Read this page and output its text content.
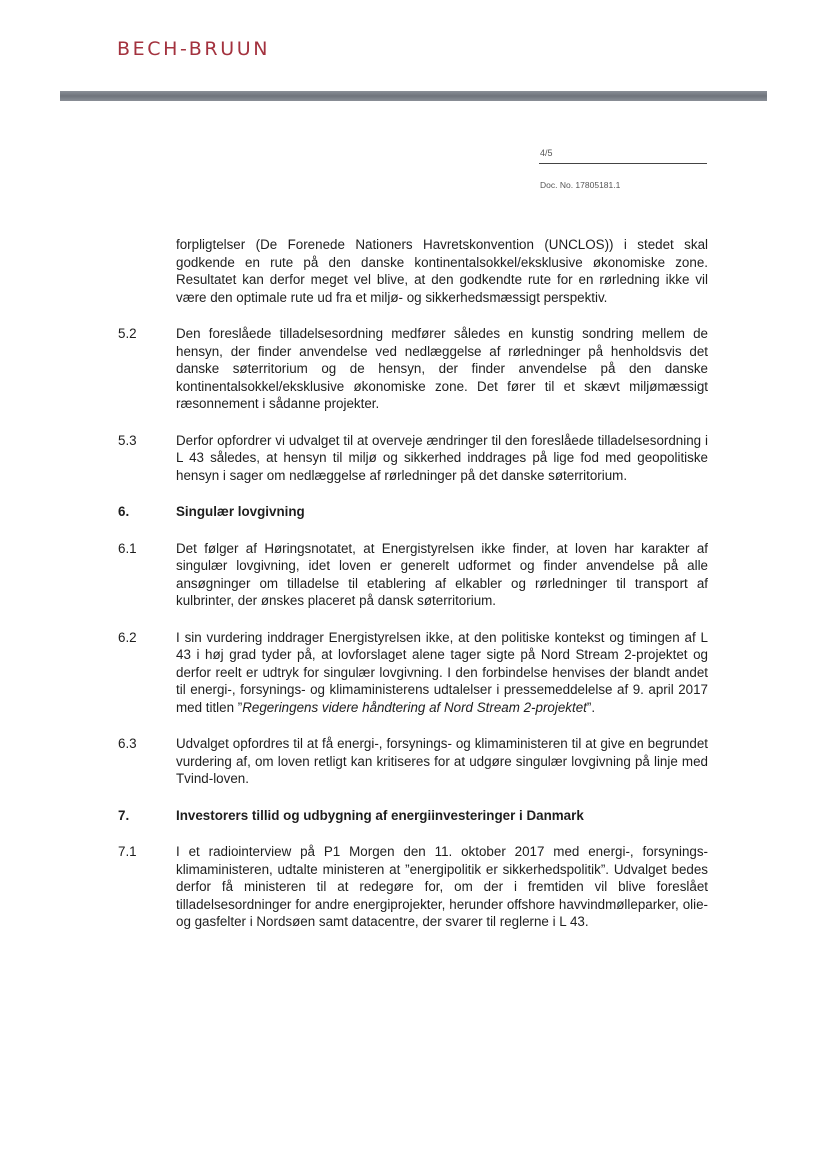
BECH-BRUUN
4/5
Doc. No. 17805181.1
forpligtelser (De Forenede Nationers Havretskonvention (UNCLOS)) i stedet skal godkende en rute på den danske kontinentalsokkel/eksklusive økonomiske zone. Resultatet kan derfor meget vel blive, at den godkendte rute for en rørledning ikke vil være den optimale rute ud fra et miljø- og sikkerhedsmæssigt perspektiv.
5.2	Den foreslåede tilladelsesordning medfører således en kunstig sondring mellem de hensyn, der finder anvendelse ved nedlæggelse af rørledninger på henholdsvis det danske søterritorium og de hensyn, der finder anvendelse på den danske kontinentalsokkel/eksklusive økonomiske zone. Det fører til et skævt miljømæssigt ræsonnement i sådanne projekter.
5.3	Derfor opfordrer vi udvalget til at overveje ændringer til den foreslåede tilladelsesordning i L 43 således, at hensyn til miljø og sikkerhed inddrages på lige fod med geopolitiske hensyn i sager om nedlæggelse af rørledninger på det danske søterritorium.
6.	Singulær lovgivning
6.1	Det følger af Høringsnotatet, at Energistyrelsen ikke finder, at loven har karakter af singulær lovgivning, idet loven er generelt udformet og finder anvendelse på alle ansøgninger om tilladelse til etablering af elkabler og rørledninger til transport af kulbrinter, der ønskes placeret på dansk søterritorium.
6.2	I sin vurdering inddrager Energistyrelsen ikke, at den politiske kontekst og timingen af L 43 i høj grad tyder på, at lovforslaget alene tager sigte på Nord Stream 2-projektet og derfor reelt er udtryk for singulær lovgivning. I den forbindelse henvises der blandt andet til energi-, forsynings- og klimaministerens udtalelser i pressemeddelelse af 9. april 2017 med titlen ”Regeringens videre håndtering af Nord Stream 2-projektet”.
6.3	Udvalget opfordres til at få energi-, forsynings- og klimaministeren til at give en begrundet vurdering af, om loven retligt kan kritiseres for at udgøre singulær lovgivning på linje med Tvind-loven.
7.	Investorers tillid og udbygning af energiinvesteringer i Danmark
7.1	I et radiointerview på P1 Morgen den 11. oktober 2017 med energi-, forsynings-klimaministeren, udtalte ministeren at ”energipolitik er sikkerhedspolitik”. Udvalget bedes derfor få ministeren til at redegøre for, om der i fremtiden vil blive foreslået tilladelsesordninger for andre energiprojekter, herunder offshore havvindmølleparker, olie- og gasfelter i Nordsøen samt datacentre, der svarer til reglerne i L 43.
